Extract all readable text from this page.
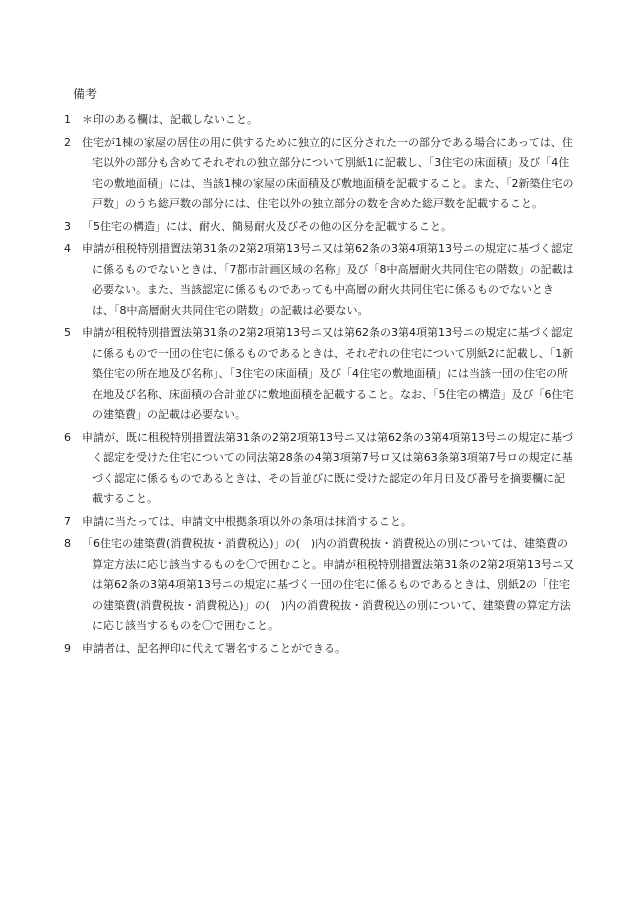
備考
1	＊印のある欄は、記載しないこと。
2	住宅が1棟の家屋の居住の用に供するために独立的に区分された一の部分である場合にあっては、住宅以外の部分も含めてそれぞれの独立部分について別紙1に記載し、「3住宅の床面積」及び「4住宅の敷地面積」には、当該1棟の家屋の床面積及び敷地面積を記載すること。また、「2新築住宅の戸数」のうち総戸数の部分には、住宅以外の独立部分の数を含めた総戸数を記載すること。
3	「5住宅の構造」には、耐火、簡易耐火及びその他の区分を記載すること。
4	申請が租税特別措置法第31条の2第2項第13号ニ又は第62条の3第4項第13号ニの規定に基づく認定に係るものでないときは、「7都市計画区域の名称」及び「8中高層耐火共同住宅の階数」の記載は必要ない。また、当該認定に係るものであっても中高層の耐火共同住宅に係るものでないときは、「8中高層耐火共同住宅の階数」の記載は必要ない。
5	申請が租税特別措置法第31条の2第2項第13号ニ又は第62条の3第4項第13号ニの規定に基づく認定に係るもので一団の住宅に係るものであるときは、それぞれの住宅について別紙2に記載し、「1新築住宅の所在地及び名称」、「3住宅の床面積」及び「4住宅の敷地面積」には当該一団の住宅の所在地及び名称、床面積の合計並びに敷地面積を記載すること。なお、「5住宅の構造」及び「6住宅の建築費」の記載は必要ない。
6	申請が、既に租税特別措置法第31条の2第2項第13号ニ又は第62条の3第4項第13号ニの規定に基づく認定を受けた住宅についての同法第28条の4第3項第7号ロ又は第63条第3項第7号ロの規定に基づく認定に係るものであるときは、その旨並びに既に受けた認定の年月日及び番号を摘要欄に記載すること。
7	申請に当たっては、申請文中根拠条項以外の条項は抹消すること。
8	「6住宅の建築費(消費税抜・消費税込)」の(　)内の消費税抜・消費税込の別については、建築費の算定方法に応じ該当するものを〇で囲むこと。申請が租税特別措置法第31条の2第2項第13号ニ又は第62条の3第4項第13号ニの規定に基づく一団の住宅に係るものであるときは、別紙2の「住宅の建築費(消費税抜・消費税込)」の(　)内の消費税抜・消費税込の別について、建築費の算定方法に応じ該当するものを〇で囲むこと。
9	申請者は、記名押印に代えて署名することができる。
